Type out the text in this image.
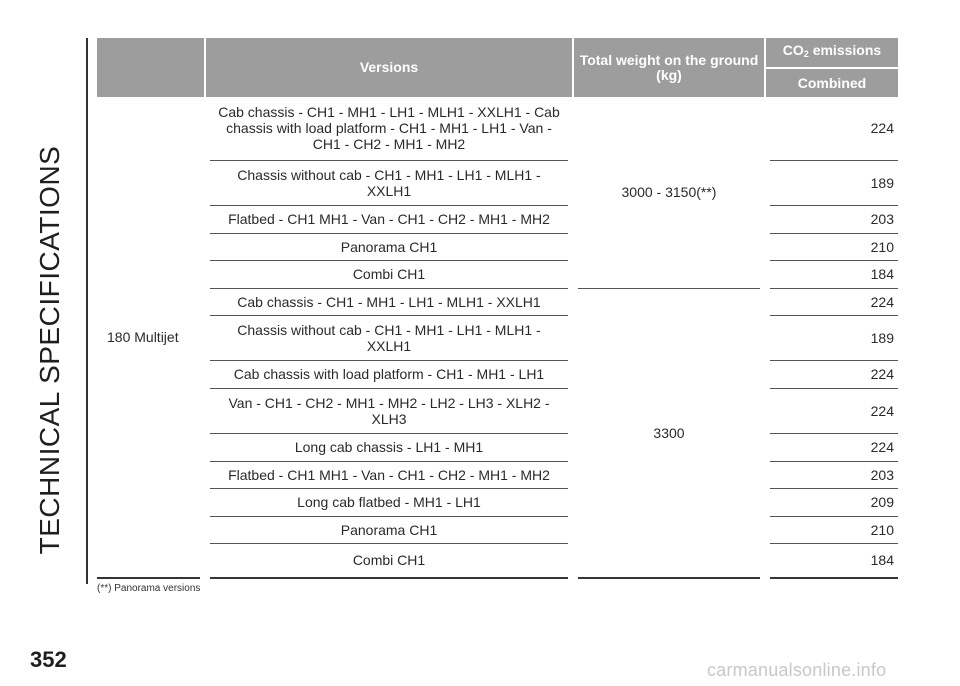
TECHNICAL SPECIFICATIONS
	Versions	Total weight on the ground (kg)	$CO_2$ emissions
			Combined
180 Multijet	Cab chassis - CH1 - MH1 - LH1 - MLH1 - XXLH1 - Cab chassis with load platform - CH1 - MH1 - LH1 - Van - CH1 - CH2 - MH1 - MH2	3000 - 3150(**)	224
	Chassis without cab - CH1 - MH1 - LH1 - MLH1 - XXLH1		189
	Flatbed - CH1 MH1 - Van - CH1 - CH2 - MH1 - MH2		203
	Panorama CH1		210
	Combi CH1		184
	Cab chassis - CH1 - MH1 - LH1 - MLH1 - XXLH1	3300	224
	Chassis without cab - CH1 - MH1 - LH1 - MLH1 - XXLH1		189
	Cab chassis with load platform - CH1 - MH1 - LH1		224
	Van - CH1 - CH2 - MH1 - MH2 - LH2 - LH3 - XLH2 - XLH3		224
	Long cab chassis - LH1 - MH1		224
	Flatbed - CH1 MH1 - Van - CH1 - CH2 - MH1 - MH2		203
	Long cab flatbed - MH1 - LH1		209
	Panorama CH1		210
	Combi CH1		184
(**) Panorama versions
352	carmanualsonline.info
